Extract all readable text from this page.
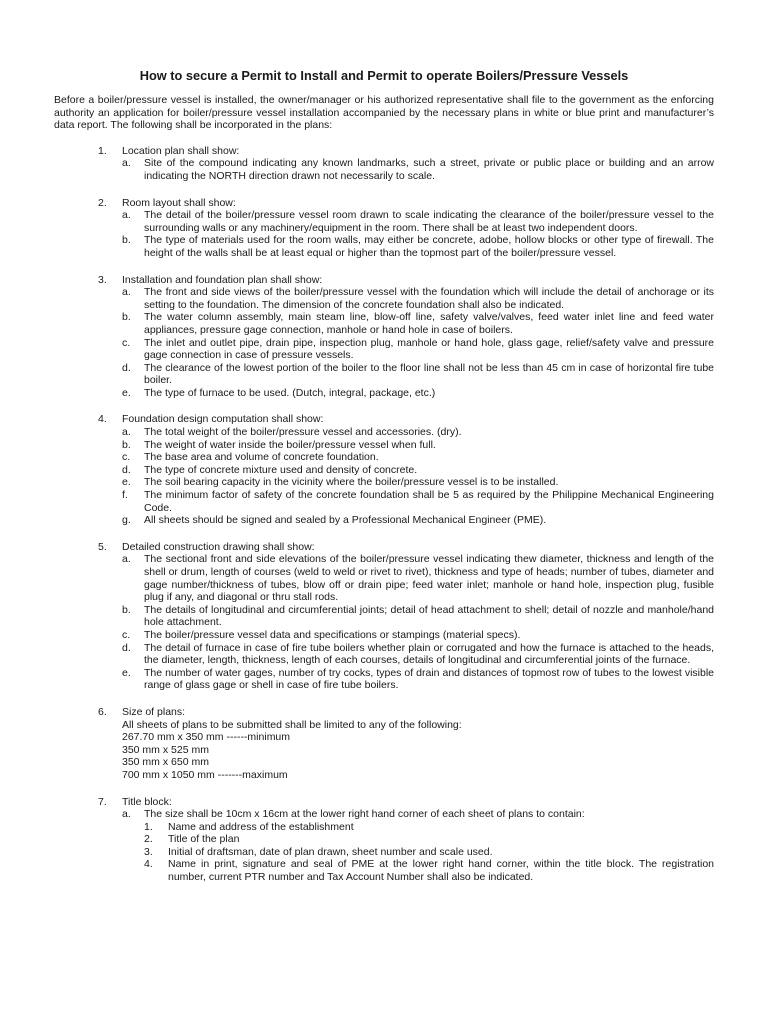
How to secure a Permit to Install and Permit to operate Boilers/Pressure Vessels
Before a boiler/pressure vessel is installed, the owner/manager or his authorized representative shall file to the government as the enforcing authority an application for boiler/pressure vessel installation accompanied by the necessary plans in white or blue print and manufacturer’s data report. The following shall be incorporated in the plans:
1. Location plan shall show:
a. Site of the compound indicating any known landmarks, such a street, private or public place or building and an arrow indicating the NORTH direction drawn not necessarily to scale.
2. Room layout shall show:
a. The detail of the boiler/pressure vessel room drawn to scale indicating the clearance of the boiler/pressure vessel to the surrounding walls or any machinery/equipment in the room. There shall be at least two independent doors.
b. The type of materials used for the room walls, may either be concrete, adobe, hollow blocks or other type of firewall. The height of the walls shall be at least equal or higher than the topmost part of the boiler/pressure vessel.
3. Installation and foundation plan shall show:
a. The front and side views of the boiler/pressure vessel with the foundation which will include the detail of anchorage or its setting to the foundation. The dimension of the concrete foundation shall also be indicated.
b. The water column assembly, main steam line, blow-off line, safety valve/valves, feed water inlet line and feed water appliances, pressure gage connection, manhole or hand hole in case of boilers.
c. The inlet and outlet pipe, drain pipe, inspection plug, manhole or hand hole, glass gage, relief/safety valve and pressure gage connection in case of pressure vessels.
d. The clearance of the lowest portion of the boiler to the floor line shall not be less than 45 cm in case of horizontal fire tube boiler.
e. The type of furnace to be used. (Dutch, integral, package, etc.)
4. Foundation design computation shall show:
a. The total weight of the boiler/pressure vessel and accessories. (dry).
b. The weight of water inside the boiler/pressure vessel when full.
c. The base area and volume of concrete foundation.
d. The type of concrete mixture used and density of concrete.
e. The soil bearing capacity in the vicinity where the boiler/pressure vessel is to be installed.
f. The minimum factor of safety of the concrete foundation shall be 5 as required by the Philippine Mechanical Engineering Code.
g. All sheets should be signed and sealed by a Professional Mechanical Engineer (PME).
5. Detailed construction drawing shall show:
a. The sectional front and side elevations of the boiler/pressure vessel indicating thew diameter, thickness and length of the shell or drum, length of courses (weld to weld or rivet to rivet), thickness and type of heads; number of tubes, diameter and gage number/thickness of tubes, blow off or drain pipe; feed water inlet; manhole or hand hole, inspection plug, fusible plug if any, and diagonal or thru stall rods.
b. The details of longitudinal and circumferential joints; detail of head attachment to shell; detail of nozzle and manhole/hand hole attachment.
c. The boiler/pressure vessel data and specifications or stampings (material specs).
d. The detail of furnace in case of fire tube boilers whether plain or corrugated and how the furnace is attached to the heads, the diameter, length, thickness, length of each courses, details of longitudinal and circumferential joints of the furnace.
e. The number of water gages, number of try cocks, types of drain and distances of topmost row of tubes to the lowest visible range of glass gage or shell in case of fire tube boilers.
6. Size of plans:
All sheets of plans to be submitted shall be limited to any of the following:
267.70 mm x 350 mm ------minimum
350 mm x 525 mm
350 mm x 650 mm
700 mm x 1050 mm -------maximum
7. Title block:
a. The size shall be 10cm x 16cm at the lower right hand corner of each sheet of plans to contain:
1. Name and address of the establishment
2. Title of the plan
3. Initial of draftsman, date of plan drawn, sheet number and scale used.
4. Name in print, signature and seal of PME at the lower right hand corner, within the title block. The registration number, current PTR number and Tax Account Number shall also be indicated.
